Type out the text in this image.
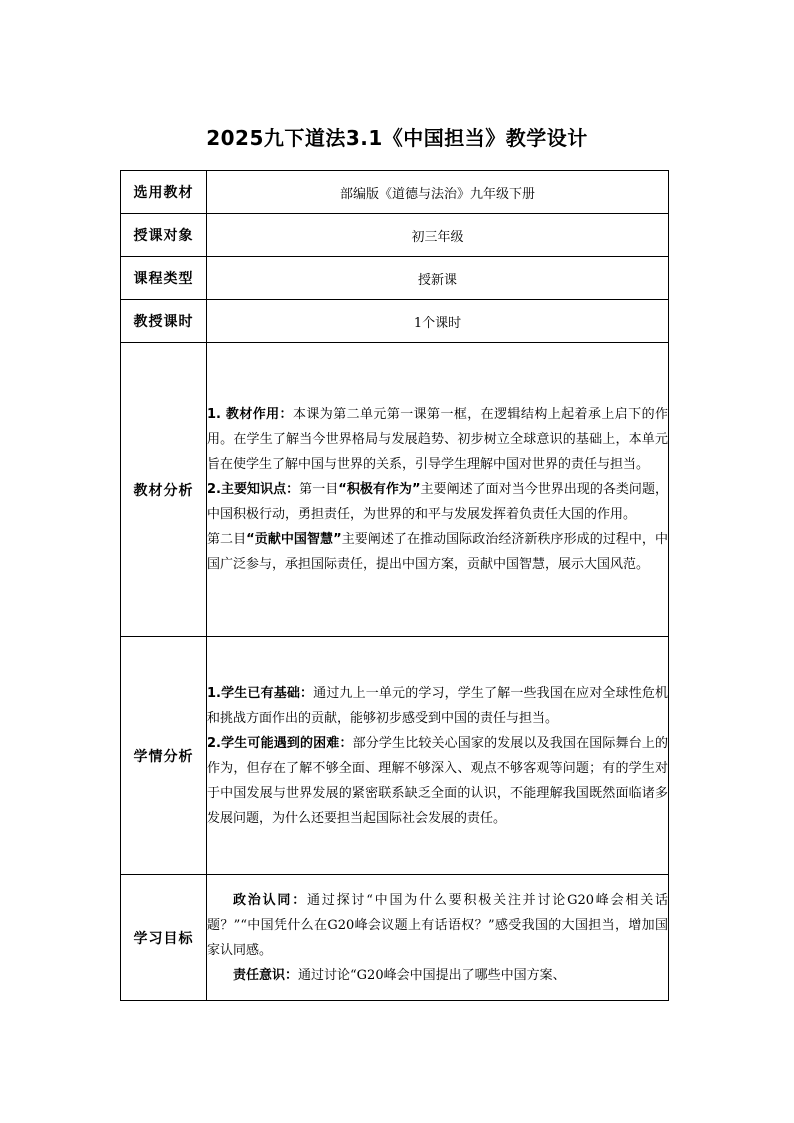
2025九下道法3.1《中国担当》教学设计
选用教材	部编版《道德与法治》九年级下册
授课对象	初三年级
课程类型	授新课
教授课时	1个课时
教材分析	1. 教材作用：本课为第二单元第一课第一框，在逻辑结构上起着承上启下的作用。在学生了解当今世界格局与发展趋势、初步树立全球意识的基础上，本单元旨在使学生了解中国与世界的关系，引导学生理解中国对世界的责任与担当。

2.主要知识点：第一目“积极有作为”主要阐述了面对当今世界出现的各类问题，中国积极行动，勇担责任，为世界的和平与发展发挥着负责任大国的作用。

第二目“贡献中国智慧”主要阐述了在推动国际政治经济新秩序形成的过程中，中国广泛参与，承担国际责任，提出中国方案，贡献中国智慧，展示大国风范。

学情分析	1.学生已有基础：通过九上一单元的学习，学生了解一些我国在应对全球性危机和挑战方面作出的贡献，能够初步感受到中国的责任与担当。

2.学生可能遇到的困难：部分学生比较关心国家的发展以及我国在国际舞台上的作为，但存在了解不够全面、理解不够深入、观点不够客观等问题；有的学生对于中国发展与世界发展的紧密联系缺乏全面的认识，不能理解我国既然面临诸多发展问题，为什么还要担当起国际社会发展的责任。

学习目标	政治认同：通过探讨“中国为什么要积极关注并讨论G20峰会相关话题？”“中国凭什么在G20峰会议题上有话语权？”感受我国的大国担当，增加国家认同感。

责任意识：通过讨论“G20峰会中国提出了哪些中国方案、
